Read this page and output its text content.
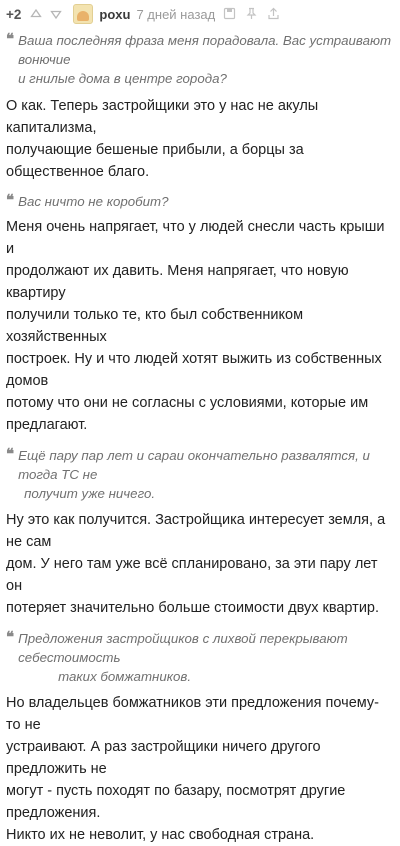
+2	poxu 7 дней назад
❝ Ваша последняя фраза меня порадовала. Вас устраивают вонючие
и гнилые дома в центре города?
О как. Теперь застройщики это у нас не акулы капитализма,
получающие бешеные прибыли, а борцы за общественное благо.
❝ Вас ничто не коробит?
Меня очень напрягает, что у людей снесли часть крыши и
продолжают их давить. Меня напрягает, что новую квартиру
получили только те, кто был собственником хозяйственных
построек. Ну и что людей хотят выжить из собственных домов
потому что они не согласны с условиями, которые им
предлагают.
❝ Ещё пару пар лет и сараи окончательно развалятся, и тогда ТС не
получит уже ничего.
Ну это как получится. Застройщика интересует земля, а не сам
дом. У него там уже всё спланировано, за эти пару лет он
потеряет значительно больше стоимости двух квартир.
❝ Предложения застройщиков с лихвой перекрывают себестоимость
таких бомжатников.
Но владельцев бомжатников эти предложения почему-то не
устраивают. А раз застройщики ничего другого предложить не
могут - пусть походят по базару, посмотрят другие предложения.
Никто их не неволит, у нас свободная страна.
